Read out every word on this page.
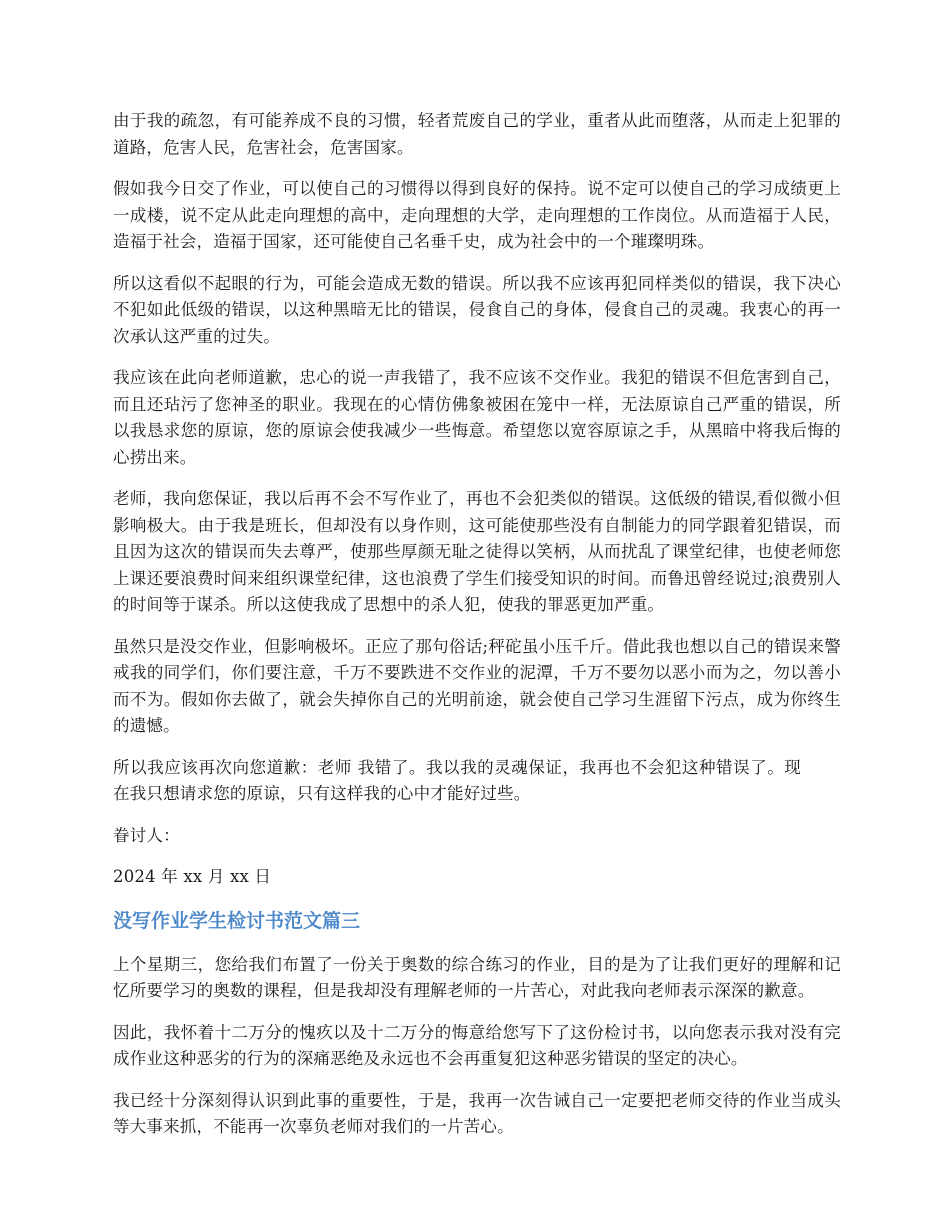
由于我的疏忽，有可能养成不良的习惯，轻者荒废自己的学业，重者从此而堕落，从而走上犯罪的道路，危害人民，危害社会，危害国家。

假如我今日交了作业，可以使自己的习惯得以得到良好的保持。说不定可以使自己的学习成绩更上一成楼，说不定从此走向理想的高中，走向理想的大学，走向理想的工作岗位。从而造福于人民，造福于社会，造福于国家，还可能使自己名垂千史，成为社会中的一个璀璨明珠。

所以这看似不起眼的行为，可能会造成无数的错误。所以我不应该再犯同样类似的错误，我下决心不犯如此低级的错误，以这种黑暗无比的错误，侵食自己的身体，侵食自己的灵魂。我衷心的再一次承认这严重的过失。

我应该在此向老师道歉，忠心的说一声我错了，我不应该不交作业。我犯的错误不但危害到自己，而且还玷污了您神圣的职业。我现在的心情仿佛象被困在笼中一样，无法原谅自己严重的错误，所以我恳求您的原谅，您的原谅会使我减少一些悔意。希望您以宽容原谅之手，从黑暗中将我后悔的心捞出来。

老师，我向您保证，我以后再不会不写作业了，再也不会犯类似的错误。这低级的错误,看似微小但影响极大。由于我是班长，但却没有以身作则，这可能使那些没有自制能力的同学跟着犯错误，而且因为这次的错误而失去尊严，使那些厚颜无耻之徒得以笑柄，从而扰乱了课堂纪律，也使老师您上课还要浪费时间来组织课堂纪律，这也浪费了学生们接受知识的时间。而鲁迅曾经说过;浪费别人的时间等于谋杀。所以这使我成了思想中的杀人犯，使我的罪恶更加严重。

虽然只是没交作业，但影响极坏。正应了那句俗话;秤砣虽小压千斤。借此我也想以自己的错误来警戒我的同学们，你们要注意，千万不要跌进不交作业的泥潭，千万不要勿以恶小而为之，勿以善小而不为。假如你去做了，就会失掉你自己的光明前途，就会使自己学习生涯留下污点，成为你终生的遗憾。

所以我应该再次向您道歉：老师 我错了。我以我的灵魂保证，我再也不会犯这种错误了。现在我只想请求您的原谅，只有这样我的心中才能好过些。

眷讨人：

2024 年 xx 月 xx 日

没写作业学生检讨书范文篇三

上个星期三，您给我们布置了一份关于奥数的综合练习的作业，目的是为了让我们更好的理解和记忆所要学习的奥数的课程，但是我却没有理解老师的一片苦心，对此我向老师表示深深的歉意。

因此，我怀着十二万分的愧疚以及十二万分的悔意给您写下了这份检讨书，以向您表示我对没有完成作业这种恶劣的行为的深痛恶绝及永远也不会再重复犯这种恶劣错误的坚定的决心。

我已经十分深刻得认识到此事的重要性，于是，我再一次告诫自己一定要把老师交待的作业当成头等大事来抓，不能再一次辜负老师对我们的一片苦心。
